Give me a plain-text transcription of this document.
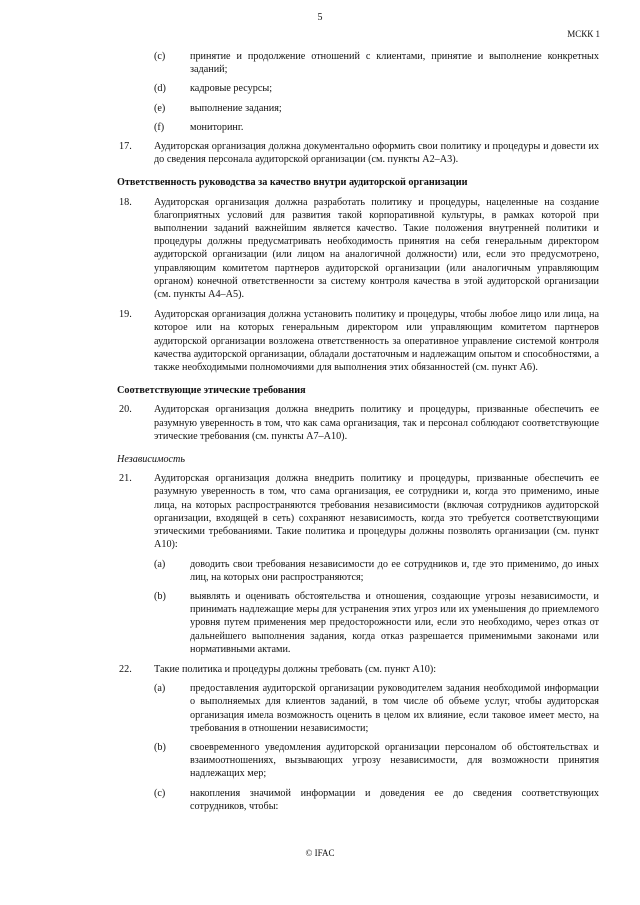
5
МСКК 1
(c) принятие и продолжение отношений с клиентами, принятие и выполнение конкретных заданий;
(d) кадровые ресурсы;
(e) выполнение задания;
(f)	мониторинг.
17. Аудиторская организация должна документально оформить свои политику и процедуры и довести их до сведения персонала аудиторской организации (см. пункты А2–А3).
Ответственность руководства за качество внутри аудиторской организации
18. Аудиторская организация должна разработать политику и процедуры, нацеленные на создание благоприятных условий для развития такой корпоративной культуры, в рамках которой при выполнении заданий важнейшим является качество. Такие положения внутренней политики и процедуры должны предусматривать необходимость принятия на себя генеральным директором аудиторской организации (или лицом на аналогичной должности) или, если это предусмотрено, управляющим комитетом партнеров аудиторской организации (или аналогичным управляющим органом) конечной ответственности за систему контроля качества в этой аудиторской организации (см. пункты А4–А5).
19. Аудиторская организация должна установить политику и процедуры, чтобы любое лицо или лица, на которое или на которых генеральным директором или управляющим комитетом партнеров аудиторской организации возложена ответственность за оперативное управление системой контроля качества аудиторской организации, обладали достаточным и надлежащим опытом и способностями, а также необходимыми полномочиями для выполнения этих обязанностей (см. пункт А6).
Соответствующие этические требования
20. Аудиторская организация должна внедрить политику и процедуры, призванные обеспечить ее разумную уверенность в том, что как сама организация, так и персонал соблюдают соответствующие этические требования (см. пункты А7–А10).
Независимость
21. Аудиторская организация должна внедрить политику и процедуры, призванные обеспечить ее разумную уверенность в том, что сама организация, ее сотрудники и, когда это применимо, иные лица, на которых распространяются требования независимости (включая сотрудников аудиторской организации, входящей в сеть) сохраняют независимость, когда это требуется соответствующими этическими требованиями. Такие политика и процедуры должны позволять организации (см. пункт А10):
(a) доводить свои требования независимости до ее сотрудников и, где это применимо, до иных лиц, на которых они распространяются;
(b) выявлять и оценивать обстоятельства и отношения, создающие угрозы независимости, и принимать надлежащие меры для устранения этих угроз или их уменьшения до приемлемого уровня путем применения мер предосторожности или, если это необходимо, через отказ от дальнейшего выполнения задания, когда отказ разрешается применимыми законами или нормативными актами.
22. Такие политика и процедуры должны требовать (см. пункт А10):
(a) предоставления аудиторской организации руководителем задания необходимой информации о выполняемых для клиентов заданий, в том числе об объеме услуг, чтобы аудиторская организация имела возможность оценить в целом их влияние, если таковое имеет место, на требования в отношении независимости;
(b) своевременного уведомления аудиторской организации персоналом об обстоятельствах и взаимоотношениях, вызывающих угрозу независимости, для возможности принятия надлежащих мер;
(c) накопления значимой информации и доведения ее до сведения соответствующих сотрудников, чтобы:
© IFAC
